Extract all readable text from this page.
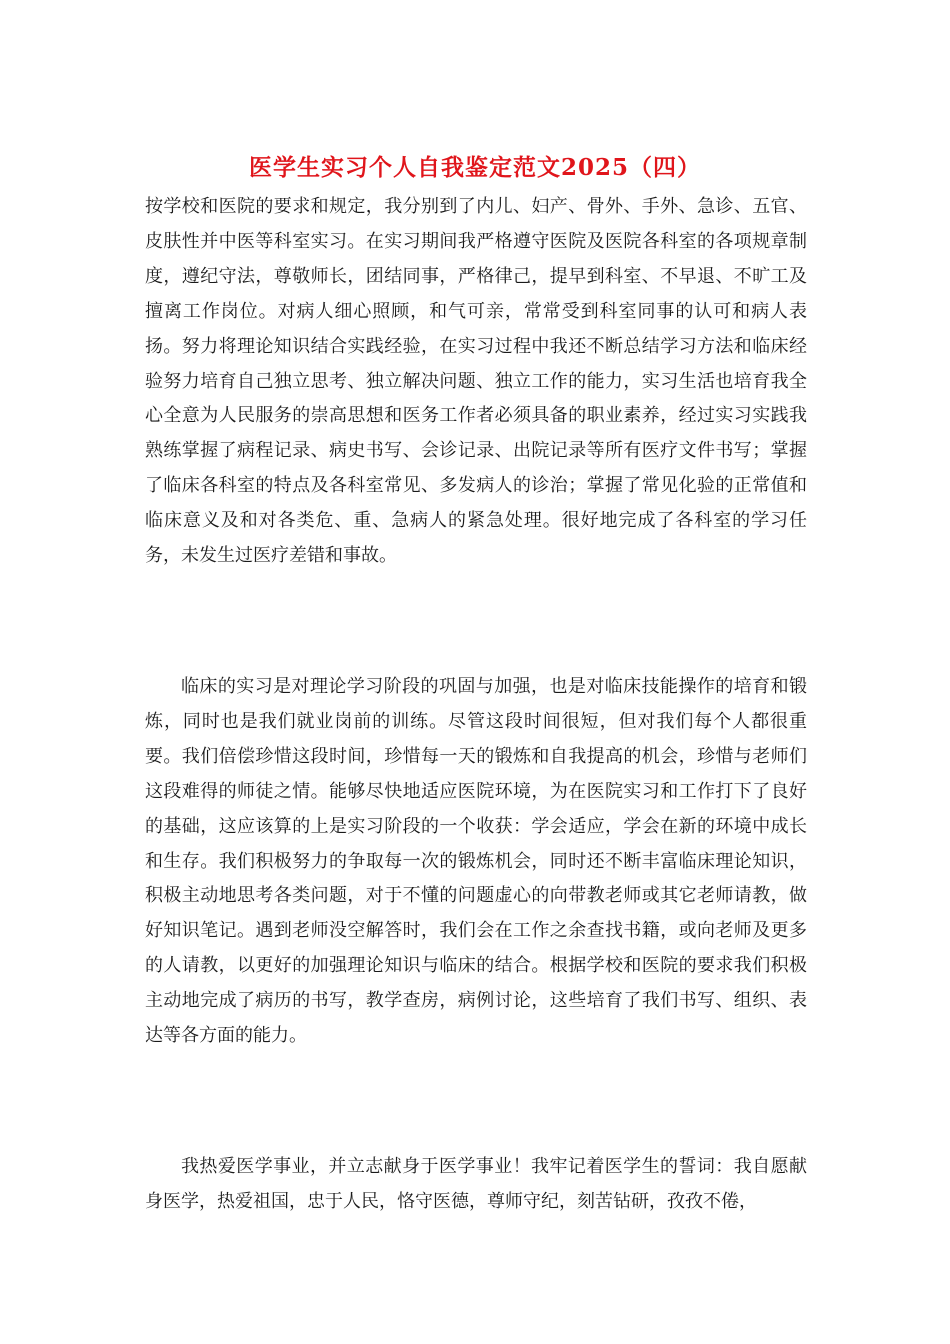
医学生实习个人自我鉴定范文2025（四）

按学校和医院的要求和规定，我分别到了内儿、妇产、骨外、手外、急诊、五官、皮肤性并中医等科室实习。在实习期间我严格遵守医院及医院各科室的各项规章制度，遵纪守法，尊敬师长，团结同事，严格律己，提早到科室、不早退、不旷工及擅离工作岗位。对病人细心照顾，和气可亲，常常受到科室同事的认可和病人表扬。努力将理论知识结合实践经验，在实习过程中我还不断总结学习方法和临床经验努力培育自己独立思考、独立解决问题、独立工作的能力，实习生活也培育我全心全意为人民服务的崇高思想和医务工作者必须具备的职业素养，经过实习实践我熟练掌握了病程记录、病史书写、会诊记录、出院记录等所有医疗文件书写；掌握了临床各科室的特点及各科室常见、多发病人的诊治；掌握了常见化验的正常值和临床意义及和对各类危、重、急病人的紧急处理。很好地完成了各科室的学习任务，未发生过医疗差错和事故。

临床的实习是对理论学习阶段的巩固与加强，也是对临床技能操作的培育和锻炼，同时也是我们就业岗前的训练。尽管这段时间很短，但对我们每个人都很重要。我们倍偿珍惜这段时间，珍惜每一天的锻炼和自我提高的机会，珍惜与老师们这段难得的师徒之情。能够尽快地适应医院环境，为在医院实习和工作打下了良好的基础，这应该算的上是实习阶段的一个收获：学会适应，学会在新的环境中成长和生存。我们积极努力的争取每一次的锻炼机会，同时还不断丰富临床理论知识，积极主动地思考各类问题，对于不懂的问题虚心的向带教老师或其它老师请教，做好知识笔记。遇到老师没空解答时，我们会在工作之余查找书籍，或向老师及更多的人请教，以更好的加强理论知识与临床的结合。根据学校和医院的要求我们积极主动地完成了病历的书写，教学查房，病例讨论，这些培育了我们书写、组织、表达等各方面的能力。

我热爱医学事业，并立志献身于医学事业！我牢记着医学生的誓词：我自愿献身医学，热爱祖国，忠于人民，恪守医德，尊师守纪，刻苦钻研，孜孜不倦，
